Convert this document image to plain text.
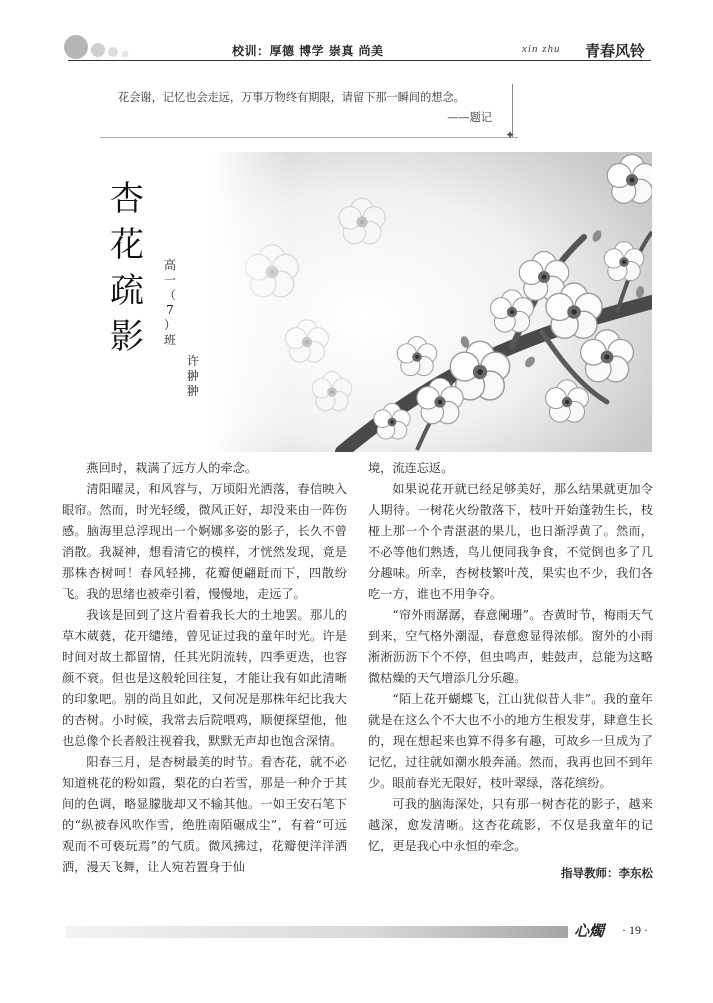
校训：厚德 博学 崇真 尚美	xin zhu 青春风铃
花会谢，记忆也会走远，万事万物终有期限，请留下那一瞬间的想念。
——题记
✦
杏
花
疏
影
高
一
（
7
）
班
许
翀
翀

燕回时，栽满了远方人的牵念。

清阳曜灵，和风容与，万顷阳光洒落，春信映入眼帘。然而，时光轻缓，微风正好，却没来由一阵伤感。脑海里总浮现出一个婀娜多姿的影子，长久不曾消散。我凝神，想看清它的模样，才恍然发现，竟是那株杏树呵！春风轻拂，花瓣便翩跹而下，四散纷飞。我的思绪也被牵引着，慢慢地，走远了。

我该是回到了这片看着我长大的土地罢。那儿的草木葳蕤，花开缱绻，曾见证过我的童年时光。许是时间对故土都留情，任其光阴流转，四季更迭，也容颜不衰。但也是这般轮回往复，才能让我有如此清晰的印象吧。别的尚且如此，又何况是那株年纪比我大的杏树。小时候，我常去后院喂鸡，顺便探望他，他也总像个长者般注视着我，默默无声却也饱含深情。

阳春三月，是杏树最美的时节。看杏花，就不必知道桃花的粉如霞，梨花的白若雪，那是一种介于其间的色调，略显朦胧却又不输其他。一如王安石笔下的“纵被春风吹作雪，绝胜南陌碾成尘”，有着“可远观而不可亵玩焉”的气质。微风拂过，花瓣便洋洋洒洒，漫天飞舞，让人宛若置身于仙

境，流连忘返。

如果说花开就已经足够美好，那么结果就更加令人期待。一树花火纷散落下，枝叶开始蓬勃生长，枝桠上那一个个青湛湛的果儿，也日渐浮黄了。然而，不必等他们熟透，鸟儿便同我争食，不觉倒也多了几分趣味。所幸，杏树枝繁叶茂，果实也不少，我们各吃一方，谁也不用争夺。

“帘外雨潺潺，春意阑珊”。杏黄时节，梅雨天气到来，空气格外潮湿，春意愈显得浓郁。窗外的小雨淅淅沥沥下个不停，但虫鸣声，蛙鼓声，总能为这略微枯燥的天气增添几分乐趣。

“陌上花开蝴蝶飞，江山犹似昔人非”。我的童年就是在这么个不大也不小的地方生根发芽，肆意生长的，现在想起来也算不得多有趣，可故乡一旦成为了记忆，过往就如潮水般奔涌。然而，我再也回不到年少。眼前春光无限好，枝叶翠绿，落花缤纷。

可我的脑海深处，只有那一树杏花的影子，越来越深，愈发清晰。这杏花疏影，不仅是我童年的记忆，更是我心中永恒的牵念。

指导教师：李东松

心燭 · 19 ·
